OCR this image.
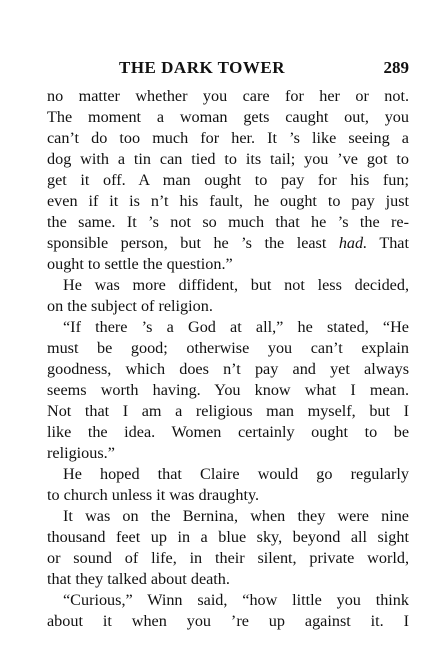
THE DARK TOWER	289
no matter whether you care for her or not.
The moment a woman gets caught out, you
can’t do too much for her. It ’s like seeing a
dog with a tin can tied to its tail; you ’ve got to
get it off. A man ought to pay for his fun;
even if it is n’t his fault, he ought to pay just
the same. It ’s not so much that he ’s the re-
sponsible person, but he ’s the least had. That
ought to settle the question.”
He was more diffident, but not less decided,
on the subject of religion.
“If there ’s a God at all,” he stated, “He
must be good; otherwise you can’t explain
goodness, which does n’t pay and yet always
seems worth having. You know what I mean.
Not that I am a religious man myself, but I
like the idea. Women certainly ought to be
religious.”
He hoped that Claire would go regularly
to church unless it was draughty.
It was on the Bernina, when they were nine
thousand feet up in a blue sky, beyond all sight
or sound of life, in their silent, private world,
that they talked about death.
“Curious,” Winn said, “how little you think
about it when you ’re up against it. I
